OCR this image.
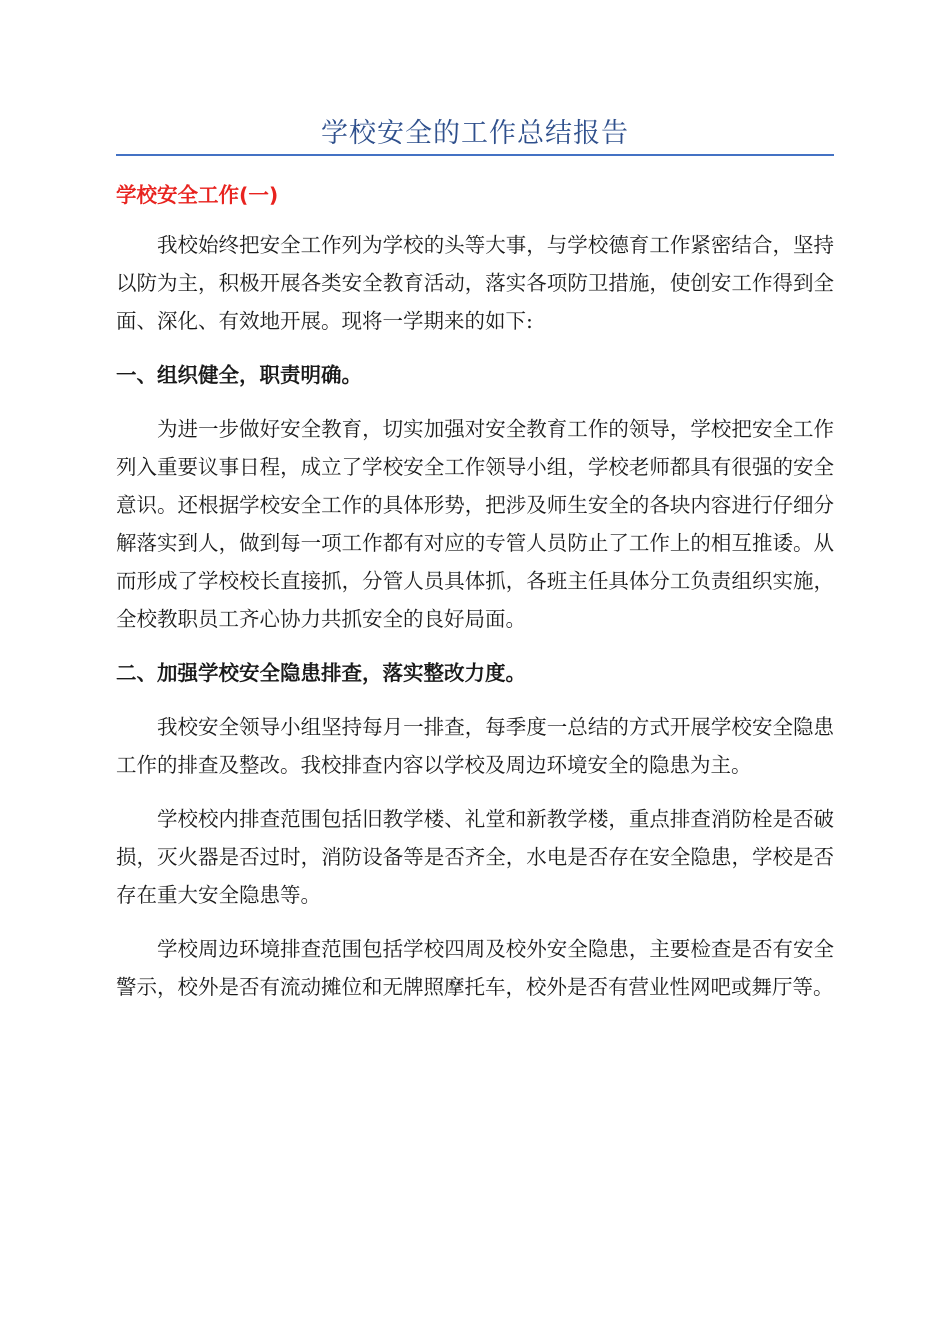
学校安全的工作总结报告

学校安全工作(一)

我校始终把安全工作列为学校的头等大事，与学校德育工作紧密结合，坚持以防为主，积极开展各类安全教育活动，落实各项防卫措施，使创安工作得到全面、深化、有效地开展。现将一学期来的如下:

一、组织健全，职责明确。

为进一步做好安全教育，切实加强对安全教育工作的领导，学校把安全工作列入重要议事日程，成立了学校安全工作领导小组，学校老师都具有很强的安全意识。还根据学校安全工作的具体形势，把涉及师生安全的各块内容进行仔细分解落实到人，做到每一项工作都有对应的专管人员防止了工作上的相互推诿。从而形成了学校校长直接抓，分管人员具体抓，各班主任具体分工负责组织实施，全校教职员工齐心协力共抓安全的良好局面。

二、加强学校安全隐患排查，落实整改力度。

我校安全领导小组坚持每月一排查，每季度一总结的方式开展学校安全隐患工作的排查及整改。我校排查内容以学校及周边环境安全的隐患为主。

学校校内排查范围包括旧教学楼、礼堂和新教学楼，重点排查消防栓是否破损，灭火器是否过时，消防设备等是否齐全，水电是否存在安全隐患，学校是否存在重大安全隐患等。

学校周边环境排查范围包括学校四周及校外安全隐患，主要检查是否有安全警示，校外是否有流动摊位和无牌照摩托车，校外是否有营业性网吧或舞厅等。
